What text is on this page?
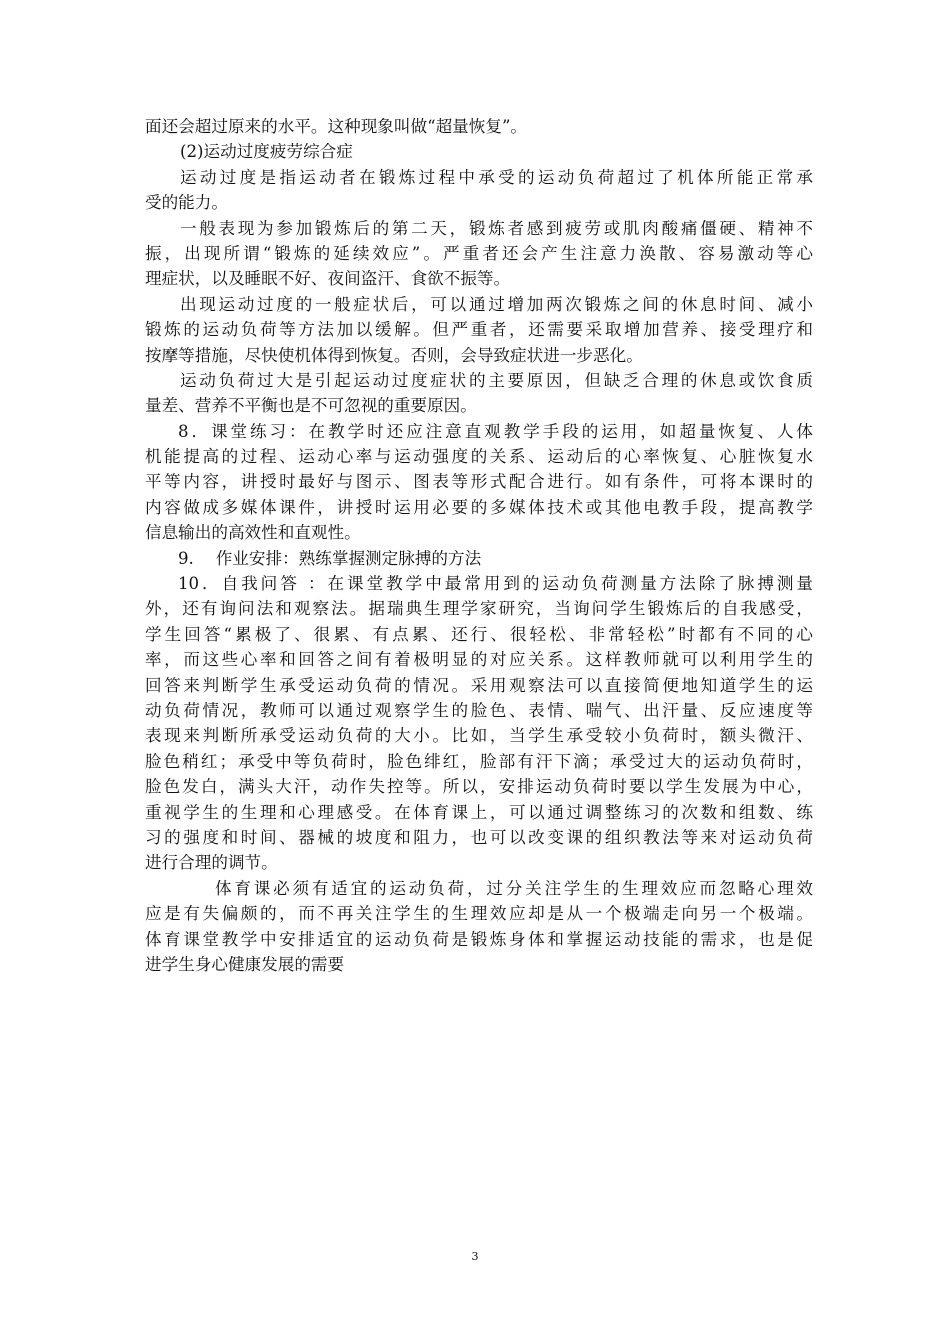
面还会超过原来的水平。这种现象叫做“超量恢复”。
(2)运动过度疲劳综合症
运动过度是指运动者在锻炼过程中承受的运动负荷超过了机体所能正常承
受的能力。
一般表现为参加锻炼后的第二天，锻炼者感到疲劳或肌肉酸痛僵硬、精神不
振，出现所谓“锻炼的延续效应”。严重者还会产生注意力涣散、容易激动等心
理症状，以及睡眠不好、夜间盗汗、食欲不振等。
出现运动过度的一般症状后，可以通过增加两次锻炼之间的休息时间、减小
锻炼的运动负荷等方法加以缓解。但严重者，还需要采取增加营养、接受理疗和
按摩等措施，尽快使机体得到恢复。否则，会导致症状进一步恶化。
运动负荷过大是引起运动过度症状的主要原因，但缺乏合理的休息或饮食质
量差、营养不平衡也是不可忽视的重要原因。
8．课堂练习：在教学时还应注意直观教学手段的运用，如超量恢复、人体
机能提高的过程、运动心率与运动强度的关系、运动后的心率恢复、心脏恢复水
平等内容，讲授时最好与图示、图表等形式配合进行。如有条件，可将本课时的
内容做成多媒体课件，讲授时运用必要的多媒体技术或其他电教手段，提高教学
信息输出的高效性和直观性。
9.　 作业安排：熟练掌握测定脉搏的方法
10．自我问答 ：在课堂教学中最常用到的运动负荷测量方法除了脉搏测量
外，还有询问法和观察法。据瑞典生理学家研究，当询问学生锻炼后的自我感受，
学生回答“累极了、很累、有点累、还行、很轻松、非常轻松”时都有不同的心
率，而这些心率和回答之间有着极明显的对应关系。这样教师就可以利用学生的
回答来判断学生承受运动负荷的情况。采用观察法可以直接简便地知道学生的运
动负荷情况，教师可以通过观察学生的脸色、表情、喘气、出汗量、反应速度等
表现来判断所承受运动负荷的大小。比如，当学生承受较小负荷时，额头微汗、
脸色稍红；承受中等负荷时，脸色绯红，脸部有汗下滴；承受过大的运动负荷时，
脸色发白，满头大汗，动作失控等。所以，安排运动负荷时要以学生发展为中心，
重视学生的生理和心理感受。在体育课上，可以通过调整练习的次数和组数、练
习的强度和时间、器械的坡度和阻力，也可以改变课的组织教法等来对运动负荷
进行合理的调节。
体育课必须有适宜的运动负荷，过分关注学生的生理效应而忽略心理效
应是有失偏颇的，而不再关注学生的生理效应却是从一个极端走向另一个极端。
体育课堂教学中安排适宜的运动负荷是锻炼身体和掌握运动技能的需求，也是促
进学生身心健康发展的需要
3
